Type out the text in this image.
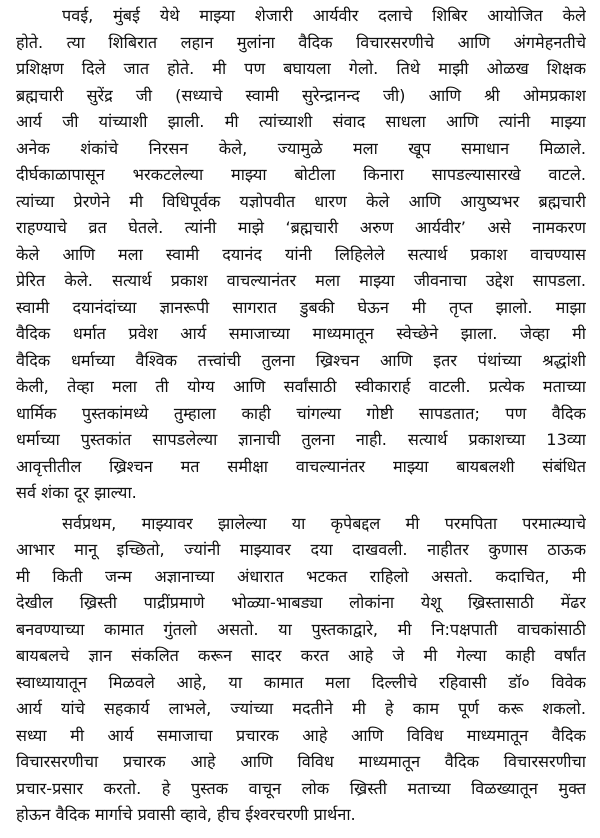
पवई, मुंबई येथे माझ्या शेजारी आर्यवीर दलाचे शिबिर आयोजित केले
होते. त्या शिबिरात लहान मुलांना वैदिक विचारसरणीचे आणि अंगमेहनतीचे
प्रशिक्षण दिले जात होते. मी पण बघायला गेलो. तिथे माझी ओळख शिक्षक
ब्रह्मचारी सुरेंद्र जी (सध्याचे स्वामी सुरेन्द्रानन्द जी) आणि श्री ओमप्रकाश
आर्य जी यांच्याशी झाली. मी त्यांच्याशी संवाद साधला आणि त्यांनी माझ्या
अनेक शंकांचे निरसन केले, ज्यामुळे मला खूप समाधान मिळाले.
दीर्घकाळापासून भरकटलेल्या माझ्या बोटीला किनारा सापडल्यासारखे वाटले.
त्यांच्या प्रेरणेने मी विधिपूर्वक यज्ञोपवीत धारण केले आणि आयुष्यभर ब्रह्मचारी
राहण्याचे व्रत घेतले. त्यांनी माझे ‘ब्रह्मचारी अरुण आर्यवीर’ असे नामकरण
केले आणि मला स्वामी दयानंद यांनी लिहिलेले सत्यार्थ प्रकाश वाचण्यास
प्रेरित केले. सत्यार्थ प्रकाश वाचल्यानंतर मला माझ्या जीवनाचा उद्देश सापडला.
स्वामी दयानंदांच्या ज्ञानरूपी सागरात डुबकी घेऊन मी तृप्त झालो. माझा
वैदिक धर्मात प्रवेश आर्य समाजाच्या माध्यमातून स्वेच्छेने झाला. जेव्हा मी
वैदिक धर्माच्या वैश्विक तत्त्वांची तुलना ख्रिश्चन आणि इतर पंथांच्या श्रद्धांशी
केली, तेव्हा मला ती योग्य आणि सर्वांसाठी स्वीकारार्ह वाटली. प्रत्येक मताच्या
धार्मिक पुस्तकांमध्ये तुम्हाला काही चांगल्या गोष्टी सापडतात; पण वैदिक
धर्माच्या पुस्तकांत सापडलेल्या ज्ञानाची तुलना नाही. सत्यार्थ प्रकाशच्या 13व्या
आवृत्तीतील ख्रिश्चन मत समीक्षा वाचल्यानंतर माझ्या बायबलशी संबंधित
सर्व शंका दूर झाल्या.
सर्वप्रथम, माझ्यावर झालेल्या या कृपेबद्दल मी परमपिता परमात्म्याचे
आभार मानू इच्छितो, ज्यांनी माझ्यावर दया दाखवली. नाहीतर कुणास ठाऊक
मी किती जन्म अज्ञानाच्या अंधारात भटकत राहिलो असतो. कदाचित, मी
देखील ख्रिस्ती पाद्रींप्रमाणे भोळ्या-भाबड्या लोकांना येशू ख्रिस्तासाठी मेंढर
बनवण्याच्या कामात गुंतलो असतो. या पुस्तकाद्वारे, मी नि:पक्षपाती वाचकांसाठी
बायबलचे ज्ञान संकलित करून सादर करत आहे जे मी गेल्या काही वर्षांत
स्वाध्यायातून मिळवले आहे, या कामात मला दिल्लीचे रहिवासी डॉ० विवेक
आर्य यांचे सहकार्य लाभले, ज्यांच्या मदतीने मी हे काम पूर्ण करू शकलो.
सध्या मी आर्य समाजाचा प्रचारक आहे आणि विविध माध्यमातून वैदिक
विचारसरणीचा प्रचारक आहे आणि विविध माध्यमातून वैदिक विचारसरणीचा
प्रचार-प्रसार करतो. हे पुस्तक वाचून लोक ख्रिस्ती मताच्या विळख्यातून मुक्त
होऊन वैदिक मार्गाचे प्रवासी व्हावे, हीच ईश्वरचरणी प्रार्थना.
